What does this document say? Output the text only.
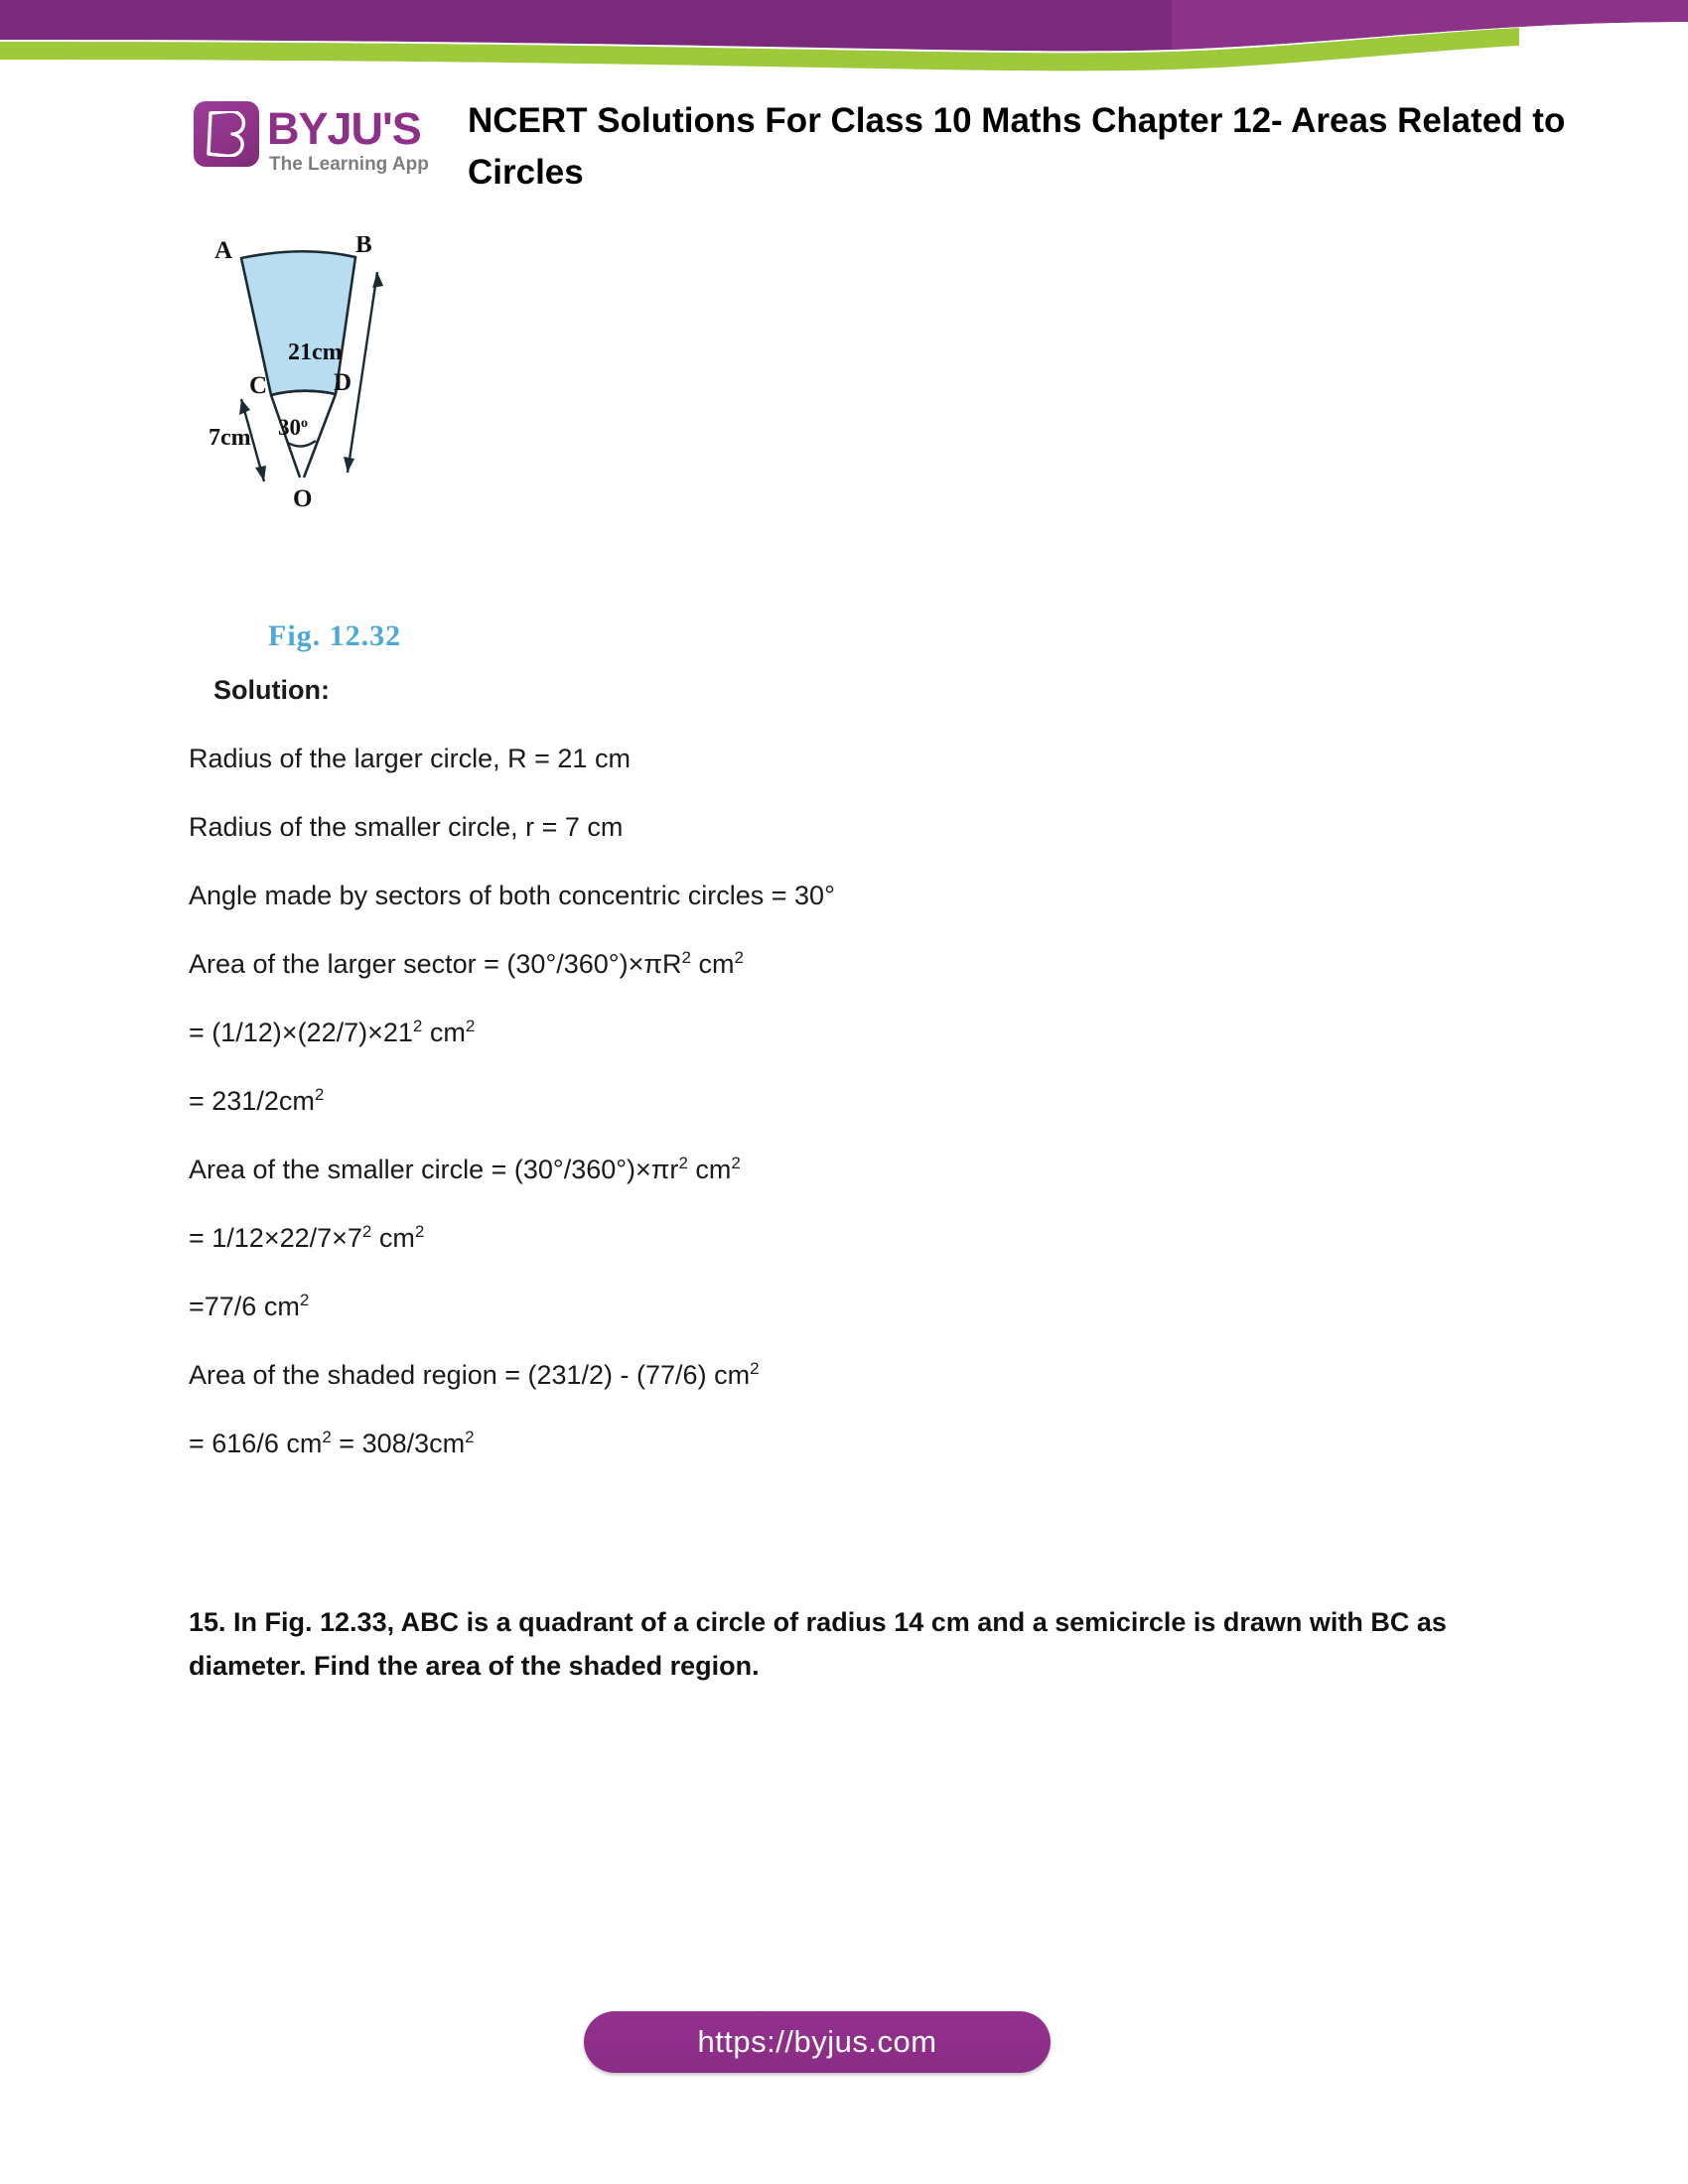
BYJU'S
The Learning App
NCERT Solutions For Class 10 Maths Chapter 12- Areas Related to Circles
A	B
C	D
O
21cm
7cm 30$^o$
Fig. 12.32

Solution:

Radius of the larger circle, R = 21 cm

Radius of the smaller circle, r = 7 cm

Angle made by sectors of both concentric circles = 30°

Area of the larger sector = $(30^\circ/360^\circ)\times\pi R^2$ $cm^2$

= $(1/12)\times(22/7)\times 21^2$ $cm^2$

= $231/2cm^2$

Area of the smaller circle = $(30^\circ/360^\circ)\times\pi r^2$ $cm^2$

= $1/12\times 22/7\times 7^2$ $cm^2$

=77/6 $cm^2$

Area of the shaded region = (231/2) - (77/6) $cm^2$

= 616/6 $cm^2 = 308/3cm^2$

15. In Fig. 12.33, ABC is a quadrant of a circle of radius 14 cm and a semicircle is drawn with BC as diameter. Find the area of the shaded region.
https://byjus.com
